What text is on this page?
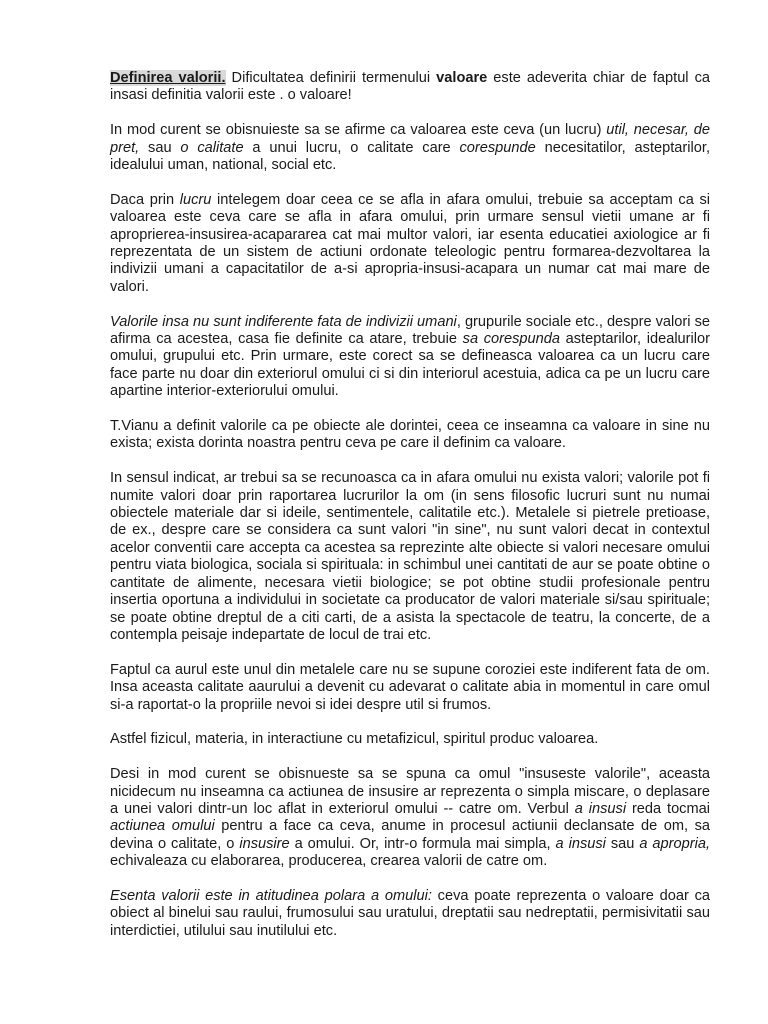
Definirea valorii. Dificultatea definirii termenului valoare este adeverita chiar de faptul ca insasi definitia valorii este . o valoare!

In mod curent se obisnuieste sa se afirme ca valoarea este ceva (un lucru) util, necesar, de pret, sau o calitate a unui lucru, o calitate care corespunde necesitatilor, asteptarilor, idealului uman, national, social etc.

Daca prin lucru intelegem doar ceea ce se afla in afara omului, trebuie sa acceptam ca si valoarea este ceva care se afla in afara omului, prin urmare sensul vietii umane ar fi aproprierea-insusirea-acapararea cat mai multor valori, iar esenta educatiei axiologice ar fi reprezentata de un sistem de actiuni ordonate teleologic pentru formarea-dezvoltarea la indivizii umani a capacitatilor de a-si apropria-insusi-acapara un numar cat mai mare de valori.

Valorile insa nu sunt indiferente fata de indivizii umani, grupurile sociale etc., despre valori se afirma ca acestea, casa fie definite ca atare, trebuie sa corespunda asteptarilor, idealurilor omului, grupului etc. Prin urmare, este corect sa se defineasca valoarea ca un lucru care face parte nu doar din exteriorul omului ci si din interiorul acestuia, adica ca pe un lucru care apartine interior-exteriorului omului.

T.Vianu a definit valorile ca pe obiecte ale dorintei, ceea ce inseamna ca valoare in sine nu exista; exista dorinta noastra pentru ceva pe care il definim ca valoare.

In sensul indicat, ar trebui sa se recunoasca ca in afara omului nu exista valori; valorile pot fi numite valori doar prin raportarea lucrurilor la om (in sens filosofic lucruri sunt nu numai obiectele materiale dar si ideile, sentimentele, calitatile etc.). Metalele si pietrele pretioase, de ex., despre care se considera ca sunt valori "in sine", nu sunt valori decat in contextul acelor conventii care accepta ca acestea sa reprezinte alte obiecte si valori necesare omului pentru viata biologica, sociala si spirituala: in schimbul unei cantitati de aur se poate obtine o cantitate de alimente, necesara vietii biologice; se pot obtine studii profesionale pentru insertia oportuna a individului in societate ca producator de valori materiale si/sau spirituale; se poate obtine dreptul de a citi carti, de a asista la spectacole de teatru, la concerte, de a contempla peisaje indepartate de locul de trai etc.

Faptul ca aurul este unul din metalele care nu se supune coroziei este indiferent fata de om. Insa aceasta calitate aaurului a devenit cu adevarat o calitate abia in momentul in care omul si-a raportat-o la propriile nevoi si idei despre util si frumos.

Astfel fizicul, materia, in interactiune cu metafizicul, spiritul produc valoarea.

Desi in mod curent se obisnueste sa se spuna ca omul "insuseste valorile", aceasta nicidecum nu inseamna ca actiunea de insusire ar reprezenta o simpla miscare, o deplasare a unei valori dintr-un loc aflat in exteriorul omului -- catre om. Verbul a insusi reda tocmai actiunea omului pentru a face ca ceva, anume in procesul actiunii declansate de om, sa devina o calitate, o insusire a omului. Or, intr-o formula mai simpla, a insusi sau a apropria, echivaleaza cu elaborarea, producerea, crearea valorii de catre om.

Esenta valorii este in atitudinea polara a omului: ceva poate reprezenta o valoare doar ca obiect al binelui sau raului, frumosului sau uratului, dreptatii sau nedreptatii, permisivitatii sau interdictiei, utilului sau inutilului etc.
